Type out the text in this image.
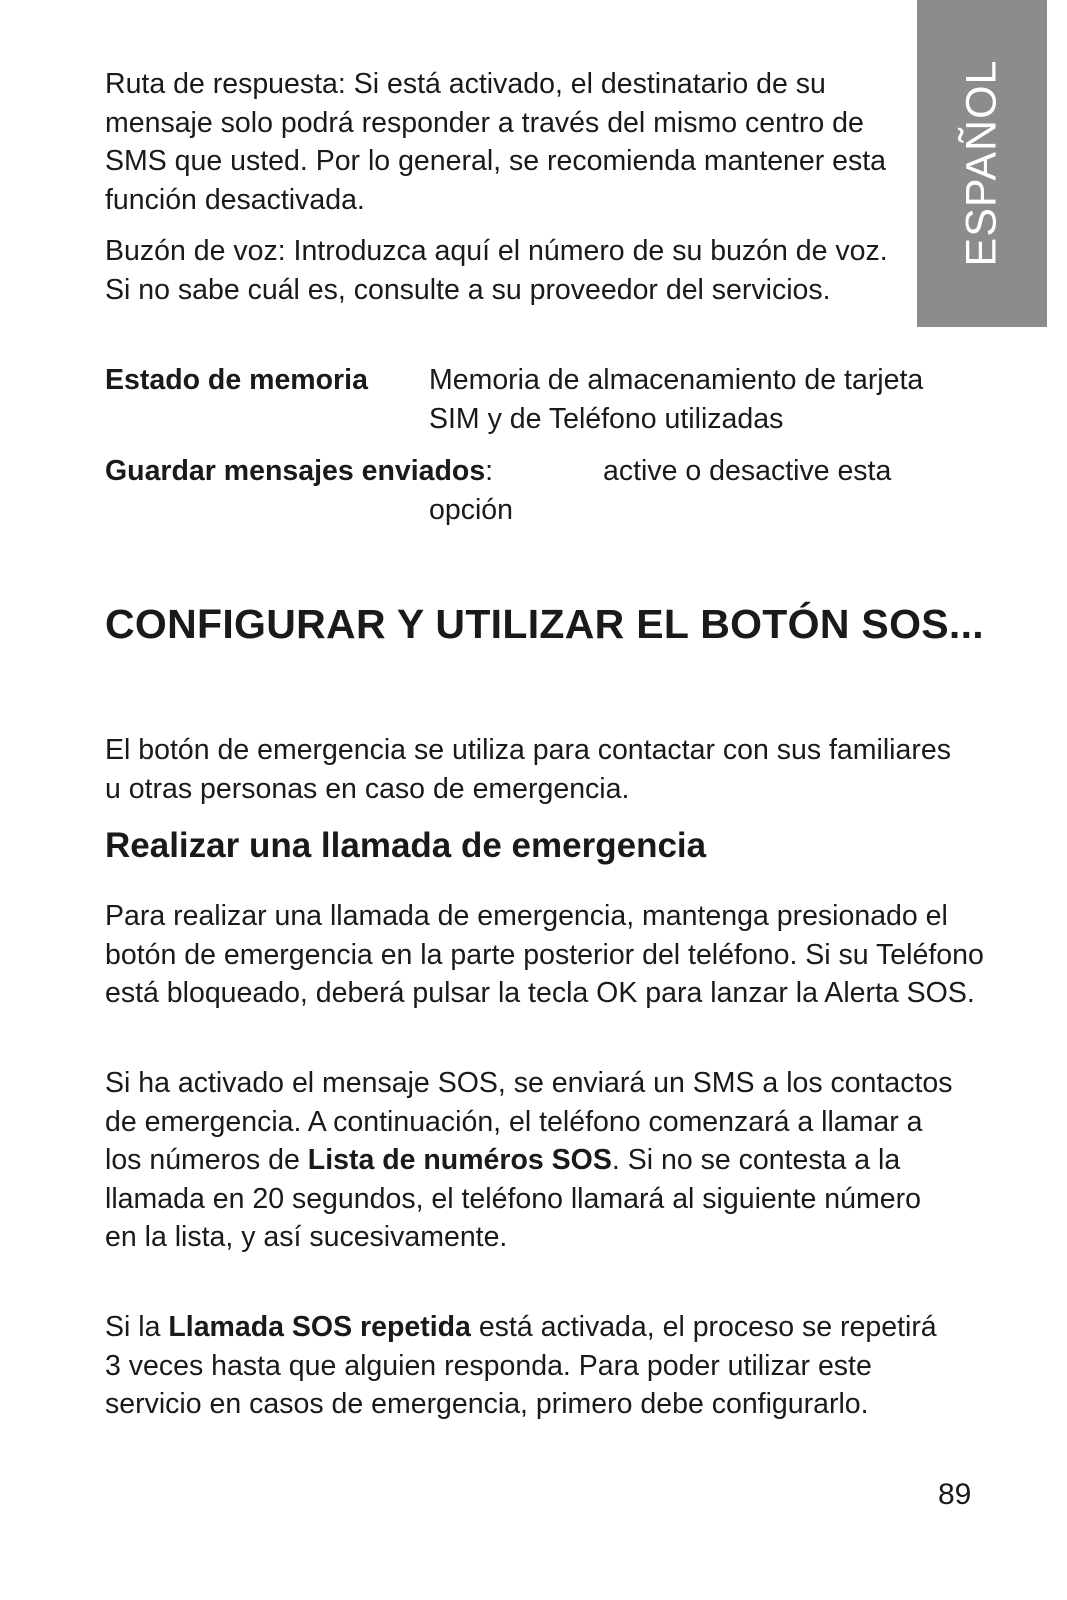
ESPAÑOL

Ruta de respuesta: Si está activado, el destinatario de su mensaje solo podrá responder a través del mismo centro de SMS que usted. Por lo general, se recomienda mantener esta función desactivada.

Buzón de voz: Introduzca aquí el número de su buzón de voz. Si no sabe cuál es, consulte a su proveedor del servicios.

Estado de memoria Memoria de almacenamiento de tarjeta
SIM y de Teléfono utilizadas
Guardar mensajes enviados:	active o desactive esta
opción
CONFIGURAR Y UTILIZAR EL BOTÓN SOS...

El botón de emergencia se utiliza para contactar con sus familiares u otras personas en caso de emergencia.

Realizar una llamada de emergencia

Para realizar una llamada de emergencia, mantenga presionado el botón de emergencia en la parte posterior del teléfono. Si su Teléfono está bloqueado, deberá pulsar la tecla OK para lanzar la Alerta SOS.

Si ha activado el mensaje SOS, se enviará un SMS a los contactos de emergencia. A continuación, el teléfono comenzará a llamar a los números de Lista de numéros SOS. Si no se contesta a la llamada en 20 segundos, el teléfono llamará al siguiente número en la lista, y así sucesivamente.

Si la Llamada SOS repetida está activada, el proceso se repetirá 3 veces hasta que alguien responda. Para poder utilizar este servicio en casos de emergencia, primero debe configurarlo.

89
